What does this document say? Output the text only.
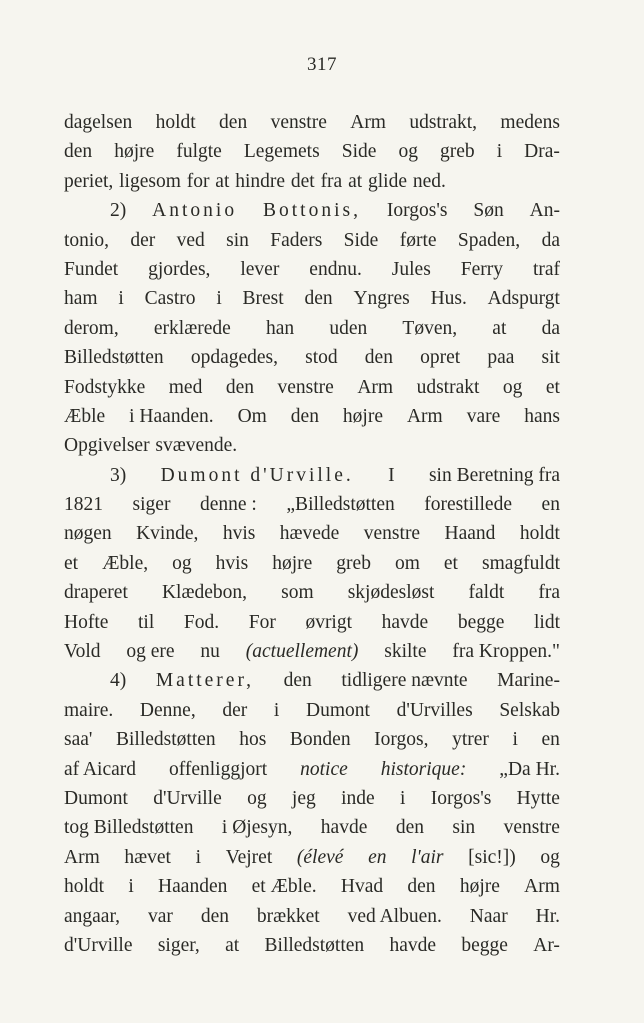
317
dagelsen holdt den venstre Arm udstrakt, medens
den højre fulgte Legemets Side og greb i Dra-
periet, ligesom for at hindre det fra at glide ned.
2) Antonio Bottonis, Iorgos's Søn An-
tonio, der ved sin Faders Side førte Spaden, da
Fundet gjordes, lever endnu. Jules Ferry traf
ham i Castro i Brest den Yngres Hus. Adspurgt
derom, erklærede han uden Tøven, at da
Billedstøtten opdagedes, stod den opret paa sit
Fodstykke med den venstre Arm udstrakt og et
Æble i Haanden. Om den højre Arm vare hans
Opgivelser svævende.
3) Dumont d'Urville. I sin Beretning fra
1821 siger denne : „Billedstøtten forestillede en
nøgen Kvinde, hvis hævede venstre Haand holdt
et Æble, og hvis højre greb om et smagfuldt
draperet Klædebon, som skjødesløst faldt fra
Hofte til Fod. For øvrigt havde begge lidt
Vold og ere nu (actuellement) skilte fra Kroppen."
4) Matterer, den tidligere nævnte Marine-
maire. Denne, der i Dumont d'Urvilles Selskab
saa' Billedstøtten hos Bonden Iorgos, ytrer i en
af Aicard offenliggjort notice historique: „Da Hr.
Dumont d'Urville og jeg inde i Iorgos's Hytte
tog Billedstøtten i Øjesyn, havde den sin venstre
Arm hævet i Vejret (élevé en l'air [sic!]) og
holdt i Haanden et Æble. Hvad den højre Arm
angaar, var den brækket ved Albuen. Naar Hr.
d'Urville siger, at Billedstøtten havde begge Ar-
